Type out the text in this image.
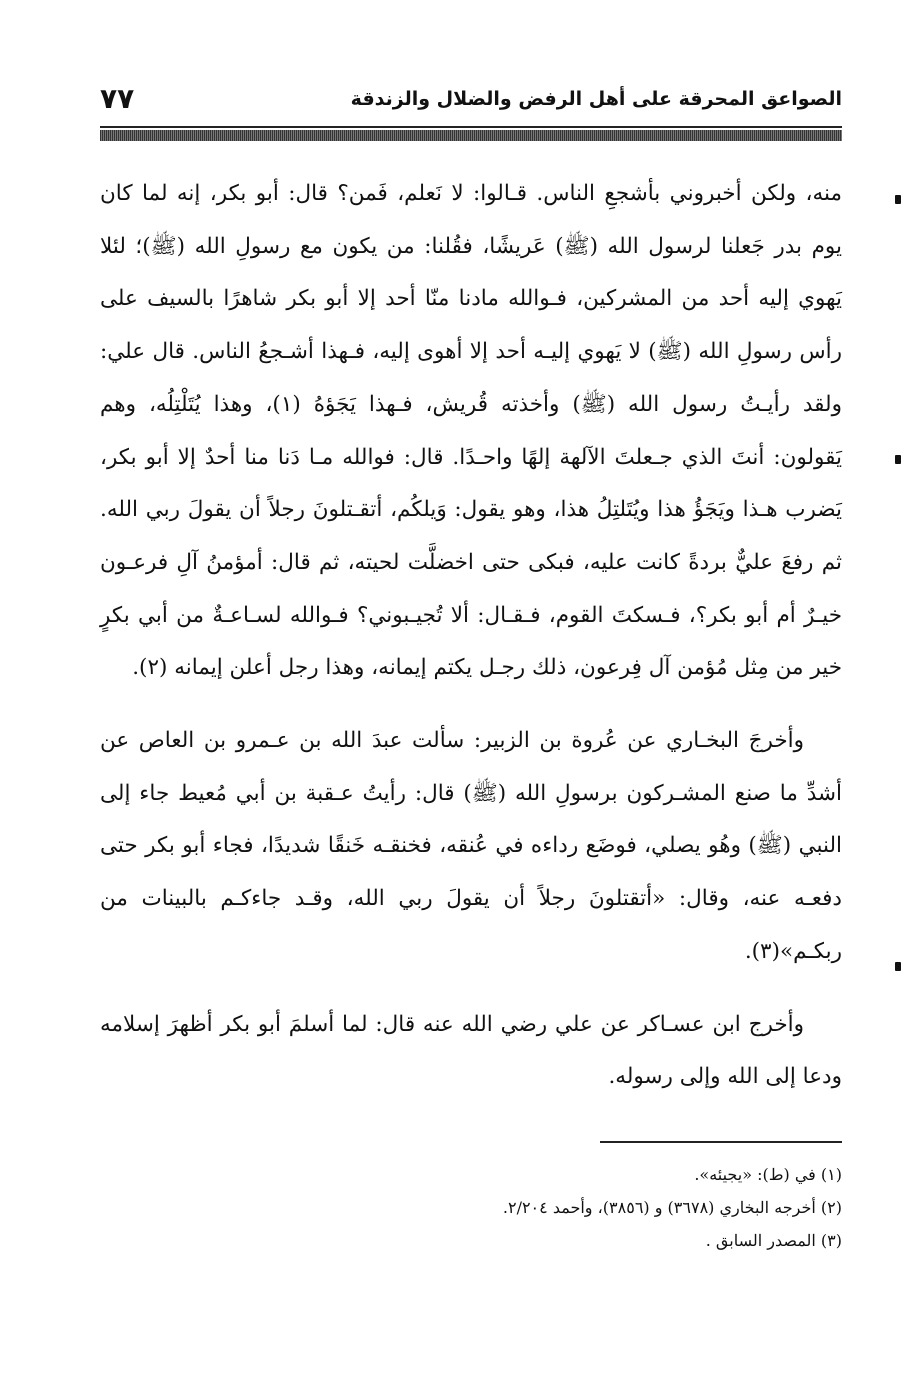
الصواعق المحرقة على أهل الرفض والضلال والزندقة
٧٧

منه، ولكن أخبروني بأشجعِ الناس. قـالوا: لا نَعلم، فَمن؟ قال: أبو بكر، إنه لما كان يوم بدر جَعلنا لرسول الله (ﷺ) عَريشًا، فقُلنا: من يكون مع رسولِ الله (ﷺ)؛ لئلا يَهوي إليه أحد من المشركين، فـوالله مادنا منّا أحد إلا أبو بكر شاهرًا بالسيف على رأس رسولِ الله (ﷺ) لا يَهوي إليـه أحد إلا أهوى إليه، فـهذا أشـجعُ الناس. قال علي: ولقد رأيـتُ رسول الله (ﷺ) وأخذته قُريش، فـهذا يَجَؤهُ (١)، وهذا يُتَلْتِلُه، وهم يَقولون: أنتَ الذي جـعلتَ الآلهة إلهًا واحـدًا. قال: فوالله مـا دَنا منا أحدٌ إلا أبو بكر، يَضرب هـذا ويَجَؤُ هذا ويُتَلتِلُ هذا، وهو يقول: وَيلكُم، أتقـتلونَ رجلاً أن يقولَ ربي الله. ثم رفعَ عليٌّ بردةً كانت عليه، فبكى حتى اخضلَّت لحيته، ثم قال: أمؤمنُ آلِ فرعـون خيـرٌ أم أبو بكر؟، فـسكتَ القوم، فـقـال: ألا تُجيـبوني؟ فـوالله لسـاعـةٌ من أبي بكرٍ خير من مِثل مُؤمن آل فِرعون، ذلك رجـل يكتم إيمانه، وهذا رجل أعلن إيمانه (٢).

وأخرجَ البخـاري عن عُروة بن الزبير: سألت عبدَ الله بن عـمرو بن العاص عن أشدِّ ما صنع المشـركون برسولِ الله (ﷺ) قال: رأيتُ عـقبة بن أبي مُعيط جاء إلى النبي (ﷺ) وهُو يصلي، فوضَع رداءه في عُنقه، فخنقـه خَنقًا شديدًا، فجاء أبو بكر حتى دفعـه عنه، وقال: «أتقتلونَ رجلاً أن يقولَ ربي الله، وقـد جاءكـم بالبينات من ربكـم»(٣).

وأخرج ابن عسـاكر عن علي رضي الله عنه قال: لما أسلمَ أبو بكر أظهرَ إسلامه ودعا إلى الله وإلى رسوله.

(١) في (ط): «يجيئه».

(٢) أخرجه البخاري (٣٦٧٨) و (٣٨٥٦)، وأحمد ٢/٢٠٤.

(٣) المصدر السابق .
